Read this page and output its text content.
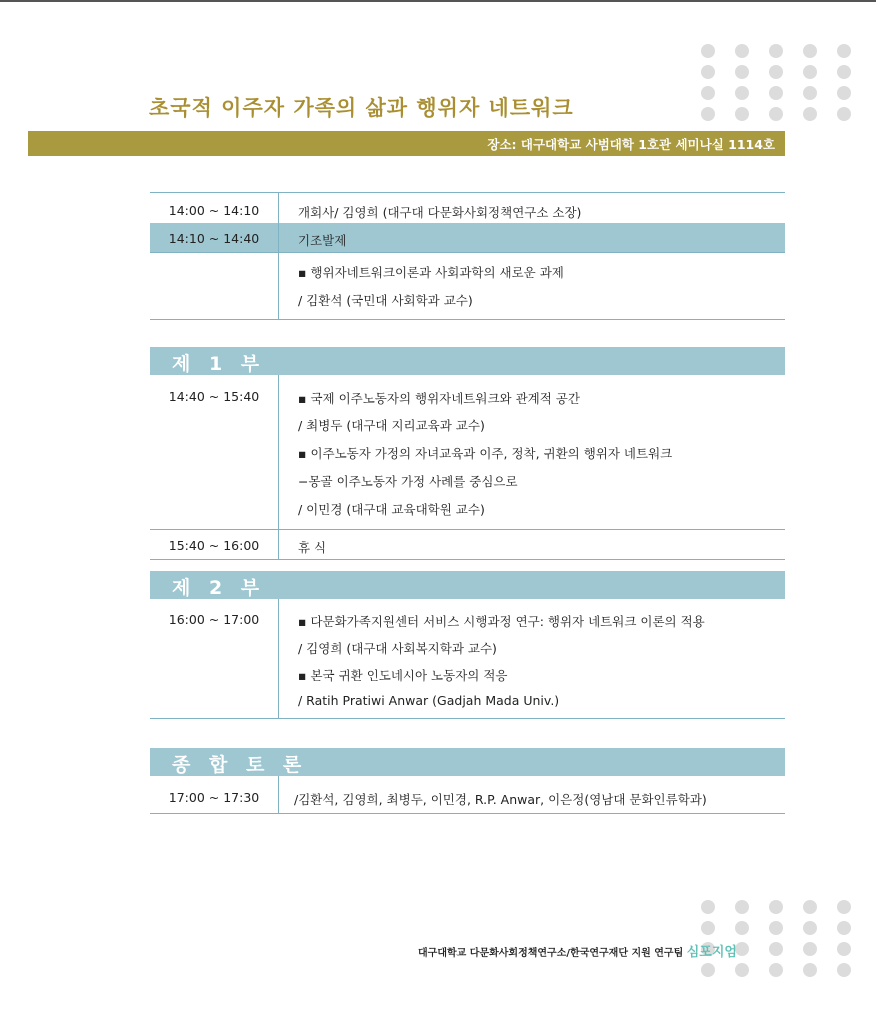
초국적 이주자 가족의 삶과 행위자 네트워크
장소: 대구대학교 사범대학 1호관 세미나실 1114호
14:00 ~ 14:10	개회사/ 김영희 (대구대 다문화사회정책연구소 소장)
14:10 ~ 14:40	기조발제
▪ 행위자네트워크이론과 사회과학의 새로운 과제
/ 김환석 (국민대 사회학과 교수)
제 1 부
14:40 ~ 15:40	▪ 국제 이주노동자의 행위자네트워크와 관계적 공간
/ 최병두 (대구대 지리교육과 교수)
▪ 이주노동자 가정의 자녀교육과 이주, 정착, 귀환의 행위자 네트워크
−몽골 이주노동자 가정 사례를 중심으로
/ 이민경 (대구대 교육대학원 교수)
15:40 ~ 16:00	휴 식
제 2 부
16:00 ~ 17:00	▪ 다문화가족지원센터 서비스 시행과정 연구: 행위자 네트워크 이론의 적용
/ 김영희 (대구대 사회복지학과 교수)
▪ 본국 귀환 인도네시아 노동자의 적응
/ Ratih Pratiwi Anwar (Gadjah Mada Univ.)
종 합 토 론
17:00 ~ 17:30	/김환석, 김영희, 최병두, 이민경, R.P. Anwar, 이은정(영남대 문화인류학과)
대구대학교 다문화사회정책연구소/한국연구재단 지원 연구팀 심포지엄
